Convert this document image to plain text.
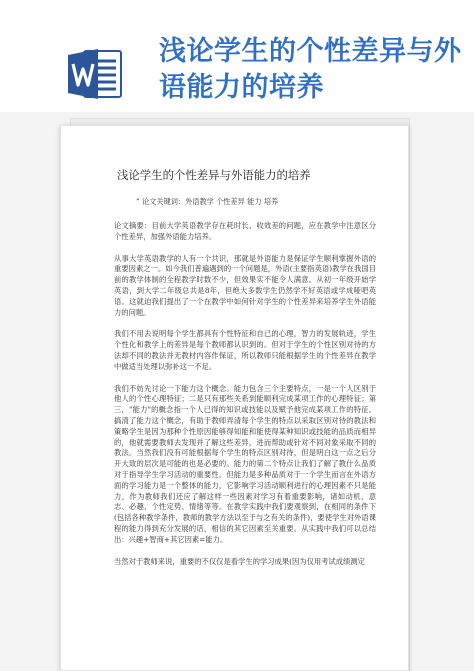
浅论学生的个性差异与外语能力的培养
浅论学生的个性差异与外语能力的培养
” 论文关键词：外语教学 个性差异 能力 培养

论文摘要：目前大学英语教学存在耗时长、收效差的问题，应在教学中注意区分个性差异，加强外语能力培养。

从事大学英语教学的人有一个共识，那就是外语能力是保证学生顺利掌握外语的重要因素之一。如今我们普遍遇到的一个问题是，外语(主要指英语)教学在我国目前的教学体制的全程教学时数不少，但效果实不能令人满意。从初一年级开始学英语，到大学二年级总共是8年，但绝大多数学生仍然学不好英语或学成哑吧英语。这就迫我们提出了一个在教学中如何针对学生的个性差异来培养学生外语能力的问题。

我们不用去说明每个学生都具有个性特征和自己的心理，智力的发展轨迹，学生个性化和教学上的差异是每个教师都认识到的。但对于学生的个性区别对待的方法却不同的教法并无教材内容作保证，所以教师只能根据学生的个性差异在教学中做适当处理以弥补这一不足。

我们不妨先讨论一下能力这个概念。能力包含三个主要特点，一是一个人区别于他人的个性心理特征；二是只有那些关系到能顺利完成某项工作的心理特征；第三，"能力"的概念指一个人已得的知识或技能以及赋予他完成某项工作的特征。搞清了能力这个概念，有助于教师弄清每个学生的特点以采取区别对待的教法和策略学生是因为那种个性原因能够得知能和能使得某种知识或技能的品质而相异的，他就需要教师去发现并了解这些差异，进而帮助或针对不同对象采取不同的教法。当然我们没有可能根据每个学生的特点区别对待，但是明白这一点之后分开大致的层次是可能的也是必要的。能力的第二个特点让我们了解了教什么品质对于指导学生学习活动的重要性。但能力是多种品质对于一个学生而言在外语方面的学习能力是一个整体的能力，它影响学习活动顺利进行的心理因素不只是能力，作为教师我们还应了解这样一些因素对学习有着重要影响，诸如动机、意志、必趣、个性定势、情绪等等。在教学实践中我们要观察到，在相同的条件下(包括各种教学条件，教师的教学方法以至于与之有关的条件)，要使学生对外语课程的能力得到充分发展的话，相信的其它因素至关重要。从实践中我们可以总结出：兴趣+智商+其它因素=能力。

当然对于教师来说，重要的不仅仅是看学生的学习成果(因为仅用考试成绩测定
